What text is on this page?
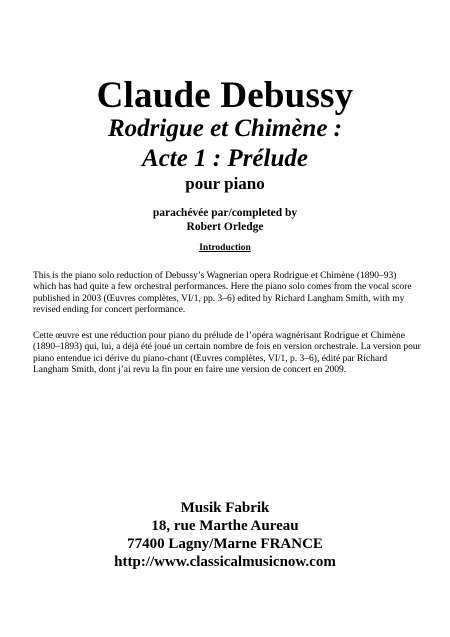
Claude Debussy
Rodrigue et Chimène :
Acte 1 : Prélude
pour piano
parachévée par/completed by
Robert Orledge
Introduction
This is the piano solo reduction of Debussy’s Wagnerian opera Rodrigue et Chimène (1890–93) which has had quite a few orchestral performances. Here the piano solo comes from the vocal score published in 2003 (Œuvres complètes, VI/1, pp. 3–6) edited by Richard Langham Smith, with my revised ending for concert performance.
Cette œuvre est une réduction pour piano du prélude de l’opéra wagnérisant Rodrigue et Chimène (1890–1893) qui, lui, a déjà été joué un certain nombre de fois en version orchestrale. La version pour piano entendue ici dérive du piano-chant (Œuvres complètes, VI/1, p. 3–6), édité par Richard Langham Smith, dont j’ai revu la fin pour en faire une version de concert en 2009.
Musik Fabrik
18, rue Marthe Aureau
77400 Lagny/Marne FRANCE
http://www.classicalmusicnow.com
